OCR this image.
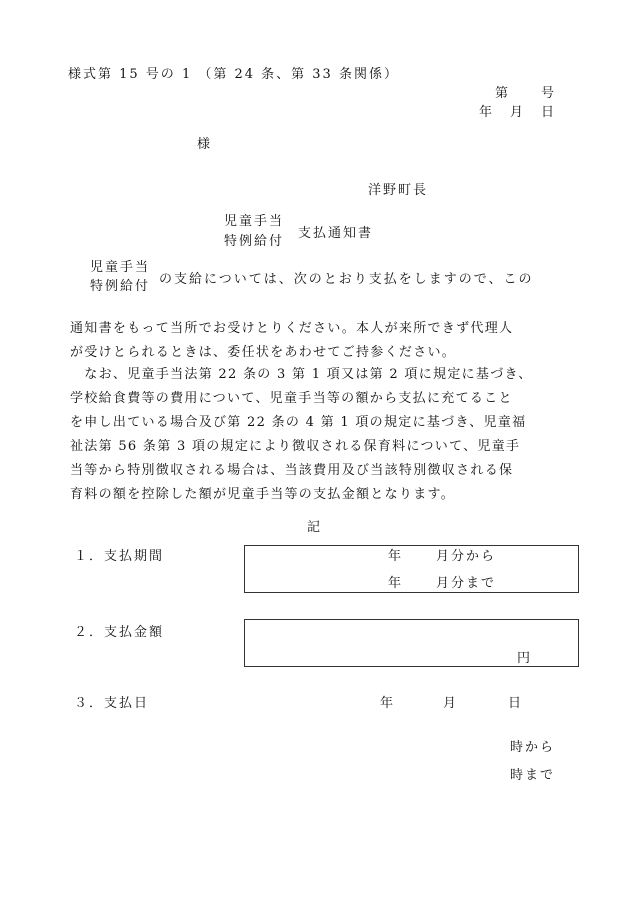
様式第 15 号の 1 （第 24 条、第 33 条関係）
第	号
年 月 日
様
洋野町長
児童手当
特例給付
支払通知書
児童手当
特例給付 の支給については、次のとおり支払をしますので、この
通知書をもって当所でお受けとりください。本人が来所できず代理人
が受けとられるときは、委任状をあわせてご持参ください。
　なお、児童手当法第 22 条の 3 第 1 項又は第 2 項に規定に基づき、
学校給食費等の費用について、児童手当等の額から支払に充てること
を申し出ている場合及び第 22 条の 4 第 1 項の規定に基づき、児童福
祉法第 56 条第 3 項の規定により徴収される保育料について、児童手
当等から特別徴収される場合は、当該費用及び当該特別徴収される保
育料の額を控除した額が児童手当等の支払金額となります。
記
１．支払期間	年	月分から
年	月分まで
２．支払金額
円
３．支払日	年	月	日
時から
時まで
